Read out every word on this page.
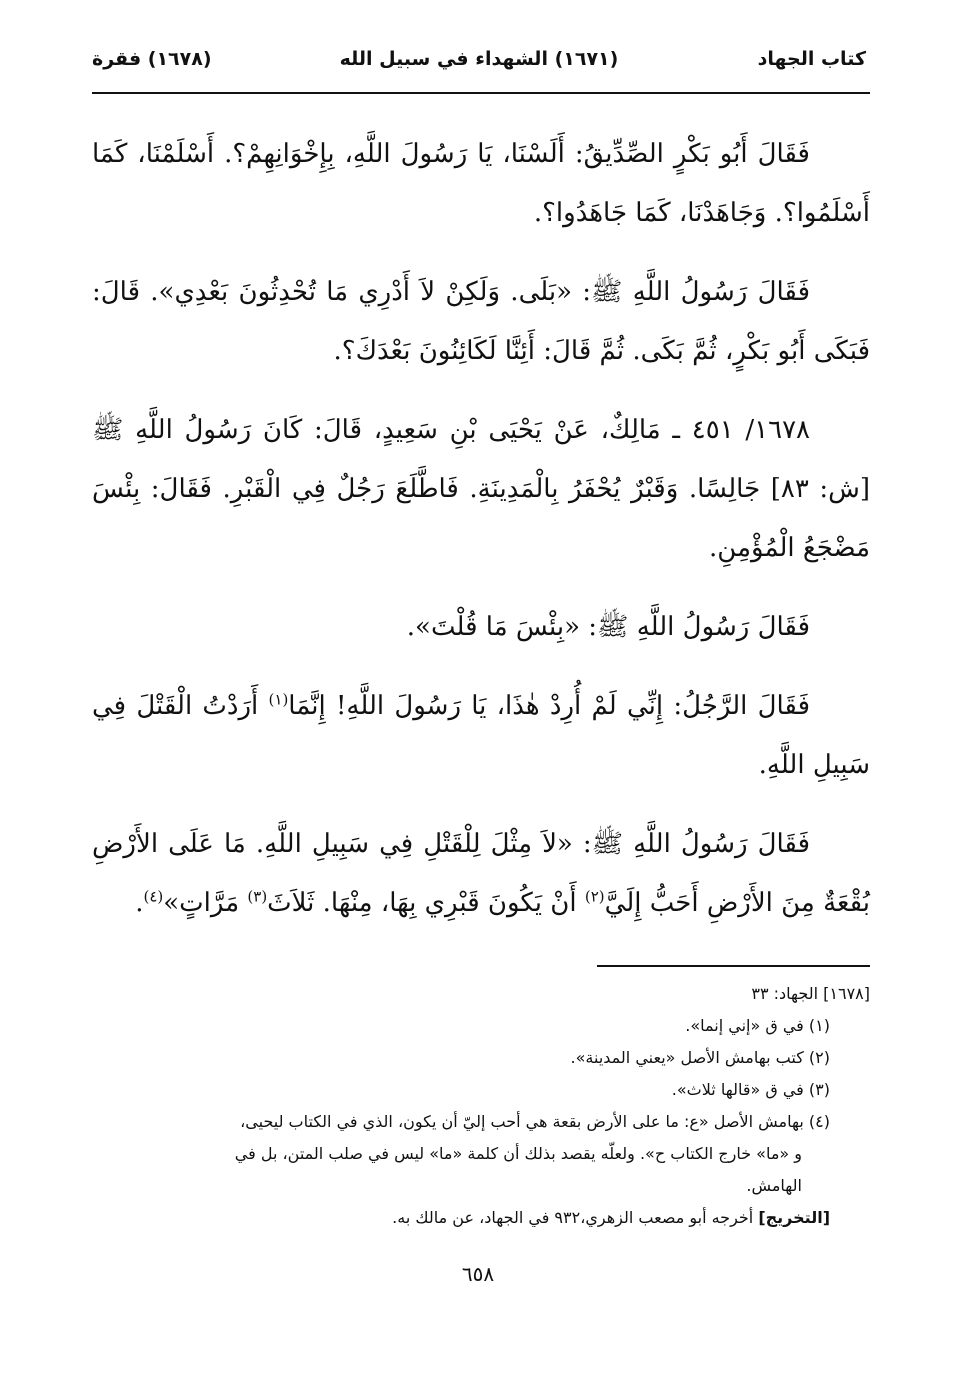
كتاب الجهاد
(١٦٧١) الشهداء في سبيل الله
(١٦٧٨) فقرة

فَقَالَ أَبُو بَكْرٍ الصِّدِّيقُ: أَلَسْنَا، يَا رَسُولَ اللَّهِ، بِإِخْوَانِهِمْ؟. أَسْلَمْنَا، كَمَا أَسْلَمُوا؟. وَجَاهَدْنَا، كَمَا جَاهَدُوا؟.

فَقَالَ رَسُولُ اللَّهِ ﷺ: «بَلَى. وَلَكِنْ لاَ أَدْرِي مَا تُحْدِثُونَ بَعْدِي». قَالَ: فَبَكَى أَبُو بَكْرٍ، ثُمَّ بَكَى. ثُمَّ قَالَ: أَئِنَّا لَكَائِنُونَ بَعْدَكَ؟.

١٦٧٨/ ٤٥١ ـ مَالِكٌ، عَنْ يَحْيَى بْنِ سَعِيدٍ، قَالَ: كَانَ رَسُولُ اللَّهِ ﷺ [ش: ٨٣] جَالِسًا. وَقَبْرٌ يُحْفَرُ بِالْمَدِينَةِ. فَاطَّلَعَ رَجُلٌ فِي الْقَبْرِ. فَقَالَ: بِئْسَ مَضْجَعُ الْمُؤْمِنِ.

فَقَالَ رَسُولُ اللَّهِ ﷺ: «بِئْسَ مَا قُلْتَ».

فَقَالَ الرَّجُلُ: إِنِّي لَمْ أُرِدْ هٰذَا، يَا رَسُولَ اللَّهِ! إِنَّمَا$^{(١)}$ أَرَدْتُ الْقَتْلَ فِي سَبِيلِ اللَّهِ.

فَقَالَ رَسُولُ اللَّهِ ﷺ: «لاَ مِثْلَ لِلْقَتْلِ فِي سَبِيلِ اللَّهِ. مَا عَلَى الأَرْضِ بُقْعَةٌ مِنَ الأَرْضِ أَحَبُّ إِلَيَّ$^{(٢)}$ أَنْ يَكُونَ قَبْرِي بِهَا، مِنْهَا. ثَلاَثَ$^{(٣)}$ مَرَّاتٍ»$^{(٤)}$.

[١٦٧٨] الجهاد: ٣٣

(١) في ق «إني إنما».

(٢) كتب بهامش الأصل «يعني المدينة».

(٣) في ق «قالها ثلاث».

(٤) بهامش الأصل «ع: ما على الأرض بقعة هي أحب إليّ أن يكون، الذي في الكتاب ليحيى،

و «ما» خارج الكتاب ح». ولعلّه يقصد بذلك أن كلمة «ما» ليس في صلب المتن، بل في

الهامش.

[التخريج] أخرجه أبو مصعب الزهري،٩٣٢ في الجهاد، عن مالك به.

٦٥٨
